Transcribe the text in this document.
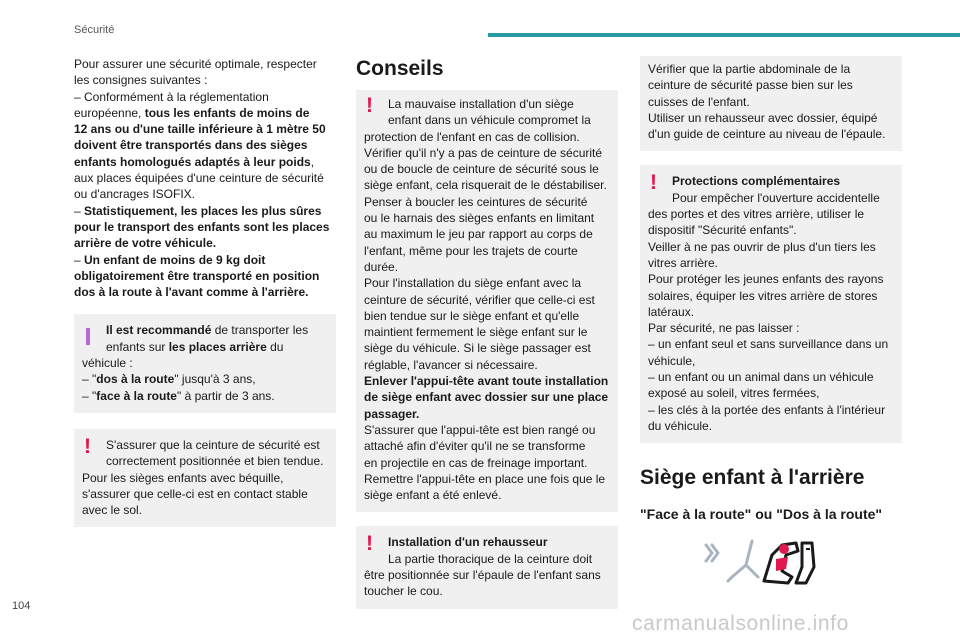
Sécurité

Pour assurer une sécurité optimale, respecter
les consignes suivantes :
– Conformément à la réglementation
européenne, tous les enfants de moins de
12 ans ou d'une taille inférieure à 1 mètre 50
doivent être transportés dans des sièges
enfants homologués adaptés à leur poids,
aux places équipées d'une ceinture de sécurité
ou d'ancrages ISOFIX.
– Statistiquement, les places les plus sûres
pour le transport des enfants sont les places
arrière de votre véhicule.
– Un enfant de moins de 9 kg doit
obligatoirement être transporté en position
dos à la route à l'avant comme à l'arrière.

Il est recommandé de transporter les
enfants sur les places arrière du
véhicule :
– "dos à la route" jusqu'à 3 ans,
– "face à la route" à partir de 3 ans.
!	S'assurer que la ceinture de sécurité est
correctement positionnée et bien tendue.
Pour les sièges enfants avec béquille,
s'assurer que celle-ci est en contact stable
avec le sol.
Conseils
!	La mauvaise installation d'un siège
enfant dans un véhicule compromet la
protection de l'enfant en cas de collision.
Vérifier qu'il n'y a pas de ceinture de sécurité
ou de boucle de ceinture de sécurité sous le
siège enfant, cela risquerait de le déstabiliser.
Penser à boucler les ceintures de sécurité
ou le harnais des sièges enfants en limitant
au maximum le jeu par rapport au corps de
l'enfant, même pour les trajets de courte
durée.
Pour l'installation du siège enfant avec la
ceinture de sécurité, vérifier que celle-ci est
bien tendue sur le siège enfant et qu'elle
maintient fermement le siège enfant sur le
siège du véhicule. Si le siège passager est
réglable, l'avancer si nécessaire.
Enlever l'appui-tête avant toute installation
de siège enfant avec dossier sur une place
passager.
S'assurer que l'appui-tête est bien rangé ou
attaché afin d'éviter qu'il ne se transforme
en projectile en cas de freinage important.
Remettre l'appui-tête en place une fois que le
siège enfant a été enlevé.
!	Installation d'un rehausseur
La partie thoracique de la ceinture doit
être positionnée sur l'épaule de l'enfant sans
toucher le cou.
Vérifier que la partie abdominale de la
ceinture de sécurité passe bien sur les
cuisses de l'enfant.
Utiliser un rehausseur avec dossier, équipé
d'un guide de ceinture au niveau de l'épaule.
!	Protections complémentaires
Pour empêcher l'ouverture accidentelle
des portes et des vitres arrière, utiliser le
dispositif "Sécurité enfants".
Veiller à ne pas ouvrir de plus d'un tiers les
vitres arrière.
Pour protéger les jeunes enfants des rayons
solaires, équiper les vitres arrière de stores
latéraux.
Par sécurité, ne pas laisser :
– un enfant seul et sans surveillance dans un
véhicule,
– un enfant ou un animal dans un véhicule
exposé au soleil, vitres fermées,
– les clés à la portée des enfants à l'intérieur
du véhicule.
Siège enfant à l'arrière
"Face à la route" ou "Dos à la route"
104
carmanualsonline.info
